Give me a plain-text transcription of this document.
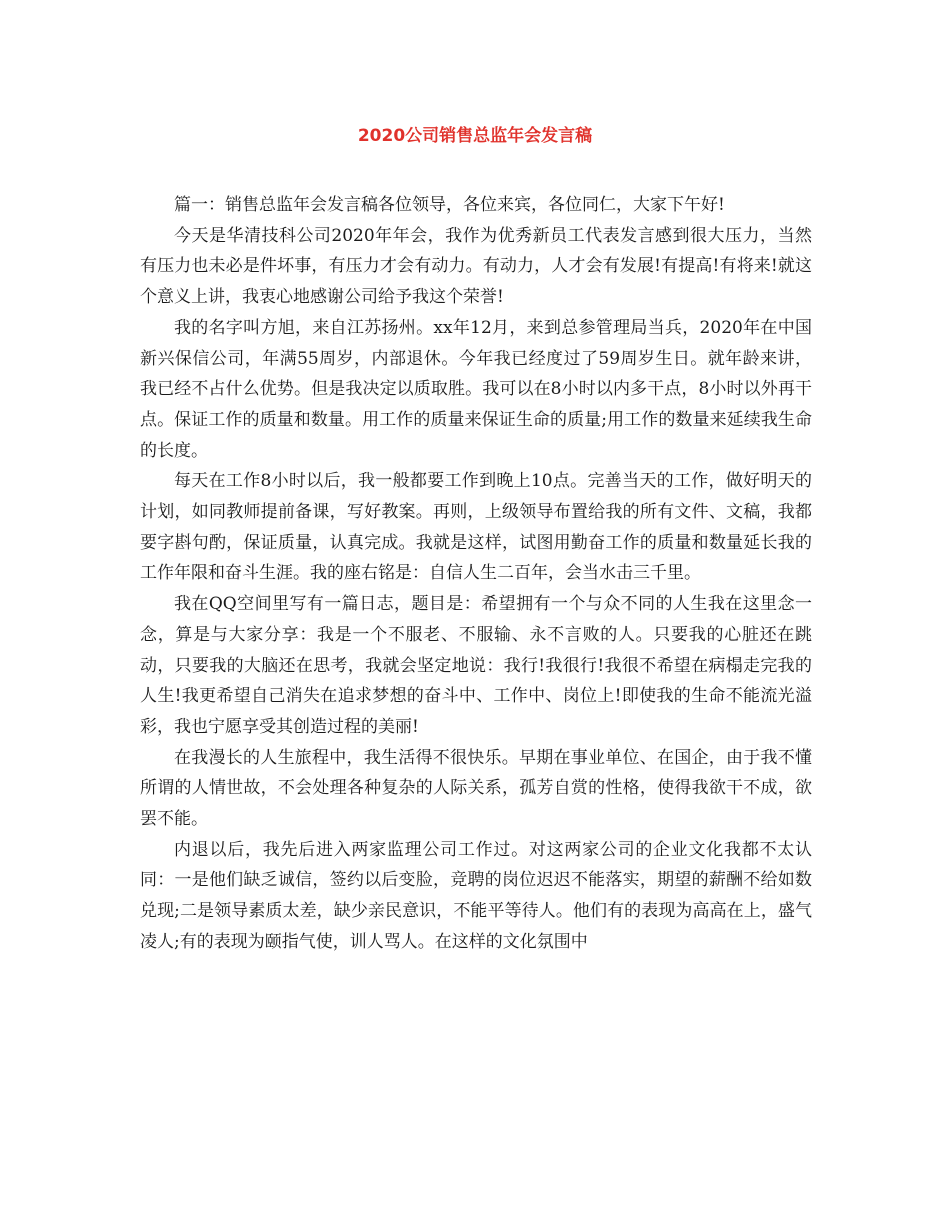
2020公司销售总监年会发言稿

篇一：销售总监年会发言稿各位领导，各位来宾，各位同仁，大家下午好!

今天是华清技科公司2020年年会，我作为优秀新员工代表发言感到很大压力，当然有压力也未必是件坏事，有压力才会有动力。有动力，人才会有发展!有提高!有将来!就这个意义上讲，我衷心地感谢公司给予我这个荣誉!

我的名字叫方旭，来自江苏扬州。xx年12月，来到总参管理局当兵，2020年在中国新兴保信公司，年满55周岁，内部退休。今年我已经度过了59周岁生日。就年龄来讲，我已经不占什么优势。但是我决定以质取胜。我可以在8小时以内多干点，8小时以外再干点。保证工作的质量和数量。用工作的质量来保证生命的质量;用工作的数量来延续我生命的长度。

每天在工作8小时以后，我一般都要工作到晚上10点。完善当天的工作，做好明天的计划，如同教师提前备课，写好教案。再则，上级领导布置给我的所有文件、文稿，我都要字斟句酌，保证质量，认真完成。我就是这样，试图用勤奋工作的质量和数量延长我的工作年限和奋斗生涯。我的座右铭是：自信人生二百年，会当水击三千里。

我在QQ空间里写有一篇日志，题目是：希望拥有一个与众不同的人生我在这里念一念，算是与大家分享：我是一个不服老、不服输、永不言败的人。只要我的心脏还在跳动，只要我的大脑还在思考，我就会坚定地说：我行!我很行!我很不希望在病榻走完我的人生!我更希望自己消失在追求梦想的奋斗中、工作中、岗位上!即使我的生命不能流光溢彩，我也宁愿享受其创造过程的美丽!

在我漫长的人生旅程中，我生活得不很快乐。早期在事业单位、在国企，由于我不懂所谓的人情世故，不会处理各种复杂的人际关系，孤芳自赏的性格，使得我欲干不成，欲罢不能。

内退以后，我先后进入两家监理公司工作过。对这两家公司的企业文化我都不太认同：一是他们缺乏诚信，签约以后变脸，竞聘的岗位迟迟不能落实，期望的薪酬不给如数兑现;二是领导素质太差，缺少亲民意识，不能平等待人。他们有的表现为高高在上，盛气凌人;有的表现为颐指气使，训人骂人。在这样的文化氛围中
